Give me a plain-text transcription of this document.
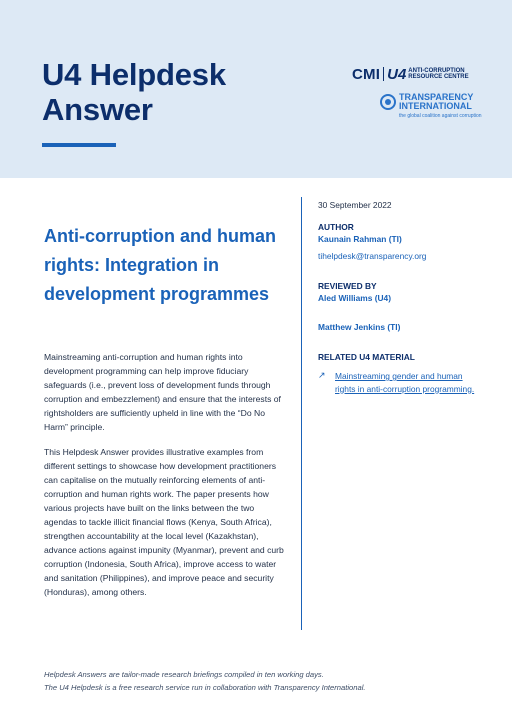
U4 Helpdesk
Answer
CMI U4 ANTI-CORRUPTION
RESOURCE CENTRE
TRANSPARENCY
INTERNATIONAL
the global coalition against corruption
Anti-corruption and human rights: Integration in development programmes

Mainstreaming anti-corruption and human rights into development programming can help improve fiduciary safeguards (i.e., prevent loss of development funds through corruption and embezzlement) and ensure that the interests of rightsholders are sufficiently upheld in line with the “Do No Harm” principle.

This Helpdesk Answer provides illustrative examples from different settings to showcase how development practitioners can capitalise on the mutually reinforcing elements of anti-corruption and human rights work. The paper presents how various projects have built on the links between the two agendas to tackle illicit financial flows (Kenya, South Africa), strengthen accountability at the local level (Kazakhstan), advance actions against impunity (Myanmar), prevent and curb corruption (Indonesia, South Africa), improve access to water and sanitation (Philippines), and improve peace and security (Honduras), among others.

30 September 2022
AUTHOR
Kaunain Rahman (TI)
tihelpdesk@transparency.org
REVIEWED BY
Aled Williams (U4)
Matthew Jenkins (TI)
RELATED U4 MATERIAL
↗ Mainstreaming gender and human rights in anti-corruption programming.
Helpdesk Answers are tailor-made research briefings compiled in ten working days.
The U4 Helpdesk is a free research service run in collaboration with Transparency International.
